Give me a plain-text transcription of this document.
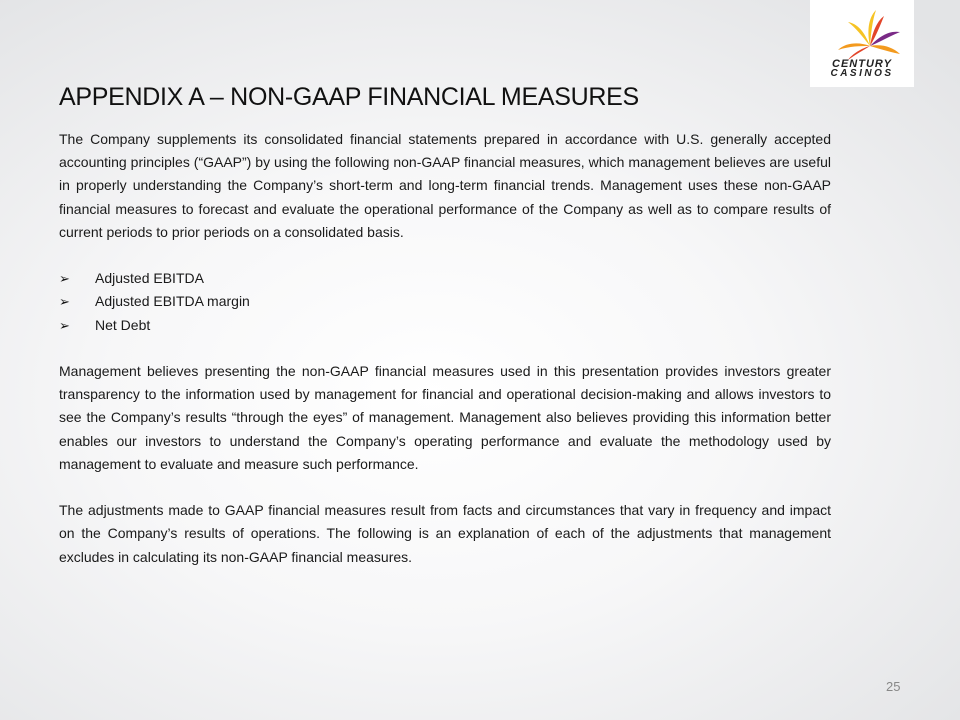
CENTURY
CASINOS
APPENDIX A – NON-GAAP FINANCIAL MEASURES

The Company supplements its consolidated financial statements prepared in accordance with U.S. generally accepted accounting principles (“GAAP”) by using the following non-GAAP financial measures, which management believes are useful in properly understanding the Company’s short-term and long-term financial trends. Management uses these non-GAAP financial measures to forecast and evaluate the operational performance of the Company as well as to compare results of current periods to prior periods on a consolidated basis.

➢ Adjusted EBITDA
➢ Adjusted EBITDA margin
➢ Net Debt

Management believes presenting the non-GAAP financial measures used in this presentation provides investors greater transparency to the information used by management for financial and operational decision-making and allows investors to see the Company’s results “through the eyes” of management. Management also believes providing this information better enables our investors to understand the Company’s operating performance and evaluate the methodology used by management to evaluate and measure such performance.

The adjustments made to GAAP financial measures result from facts and circumstances that vary in frequency and impact on the Company’s results of operations. The following is an explanation of each of the adjustments that management excludes in calculating its non-GAAP financial measures.

25
